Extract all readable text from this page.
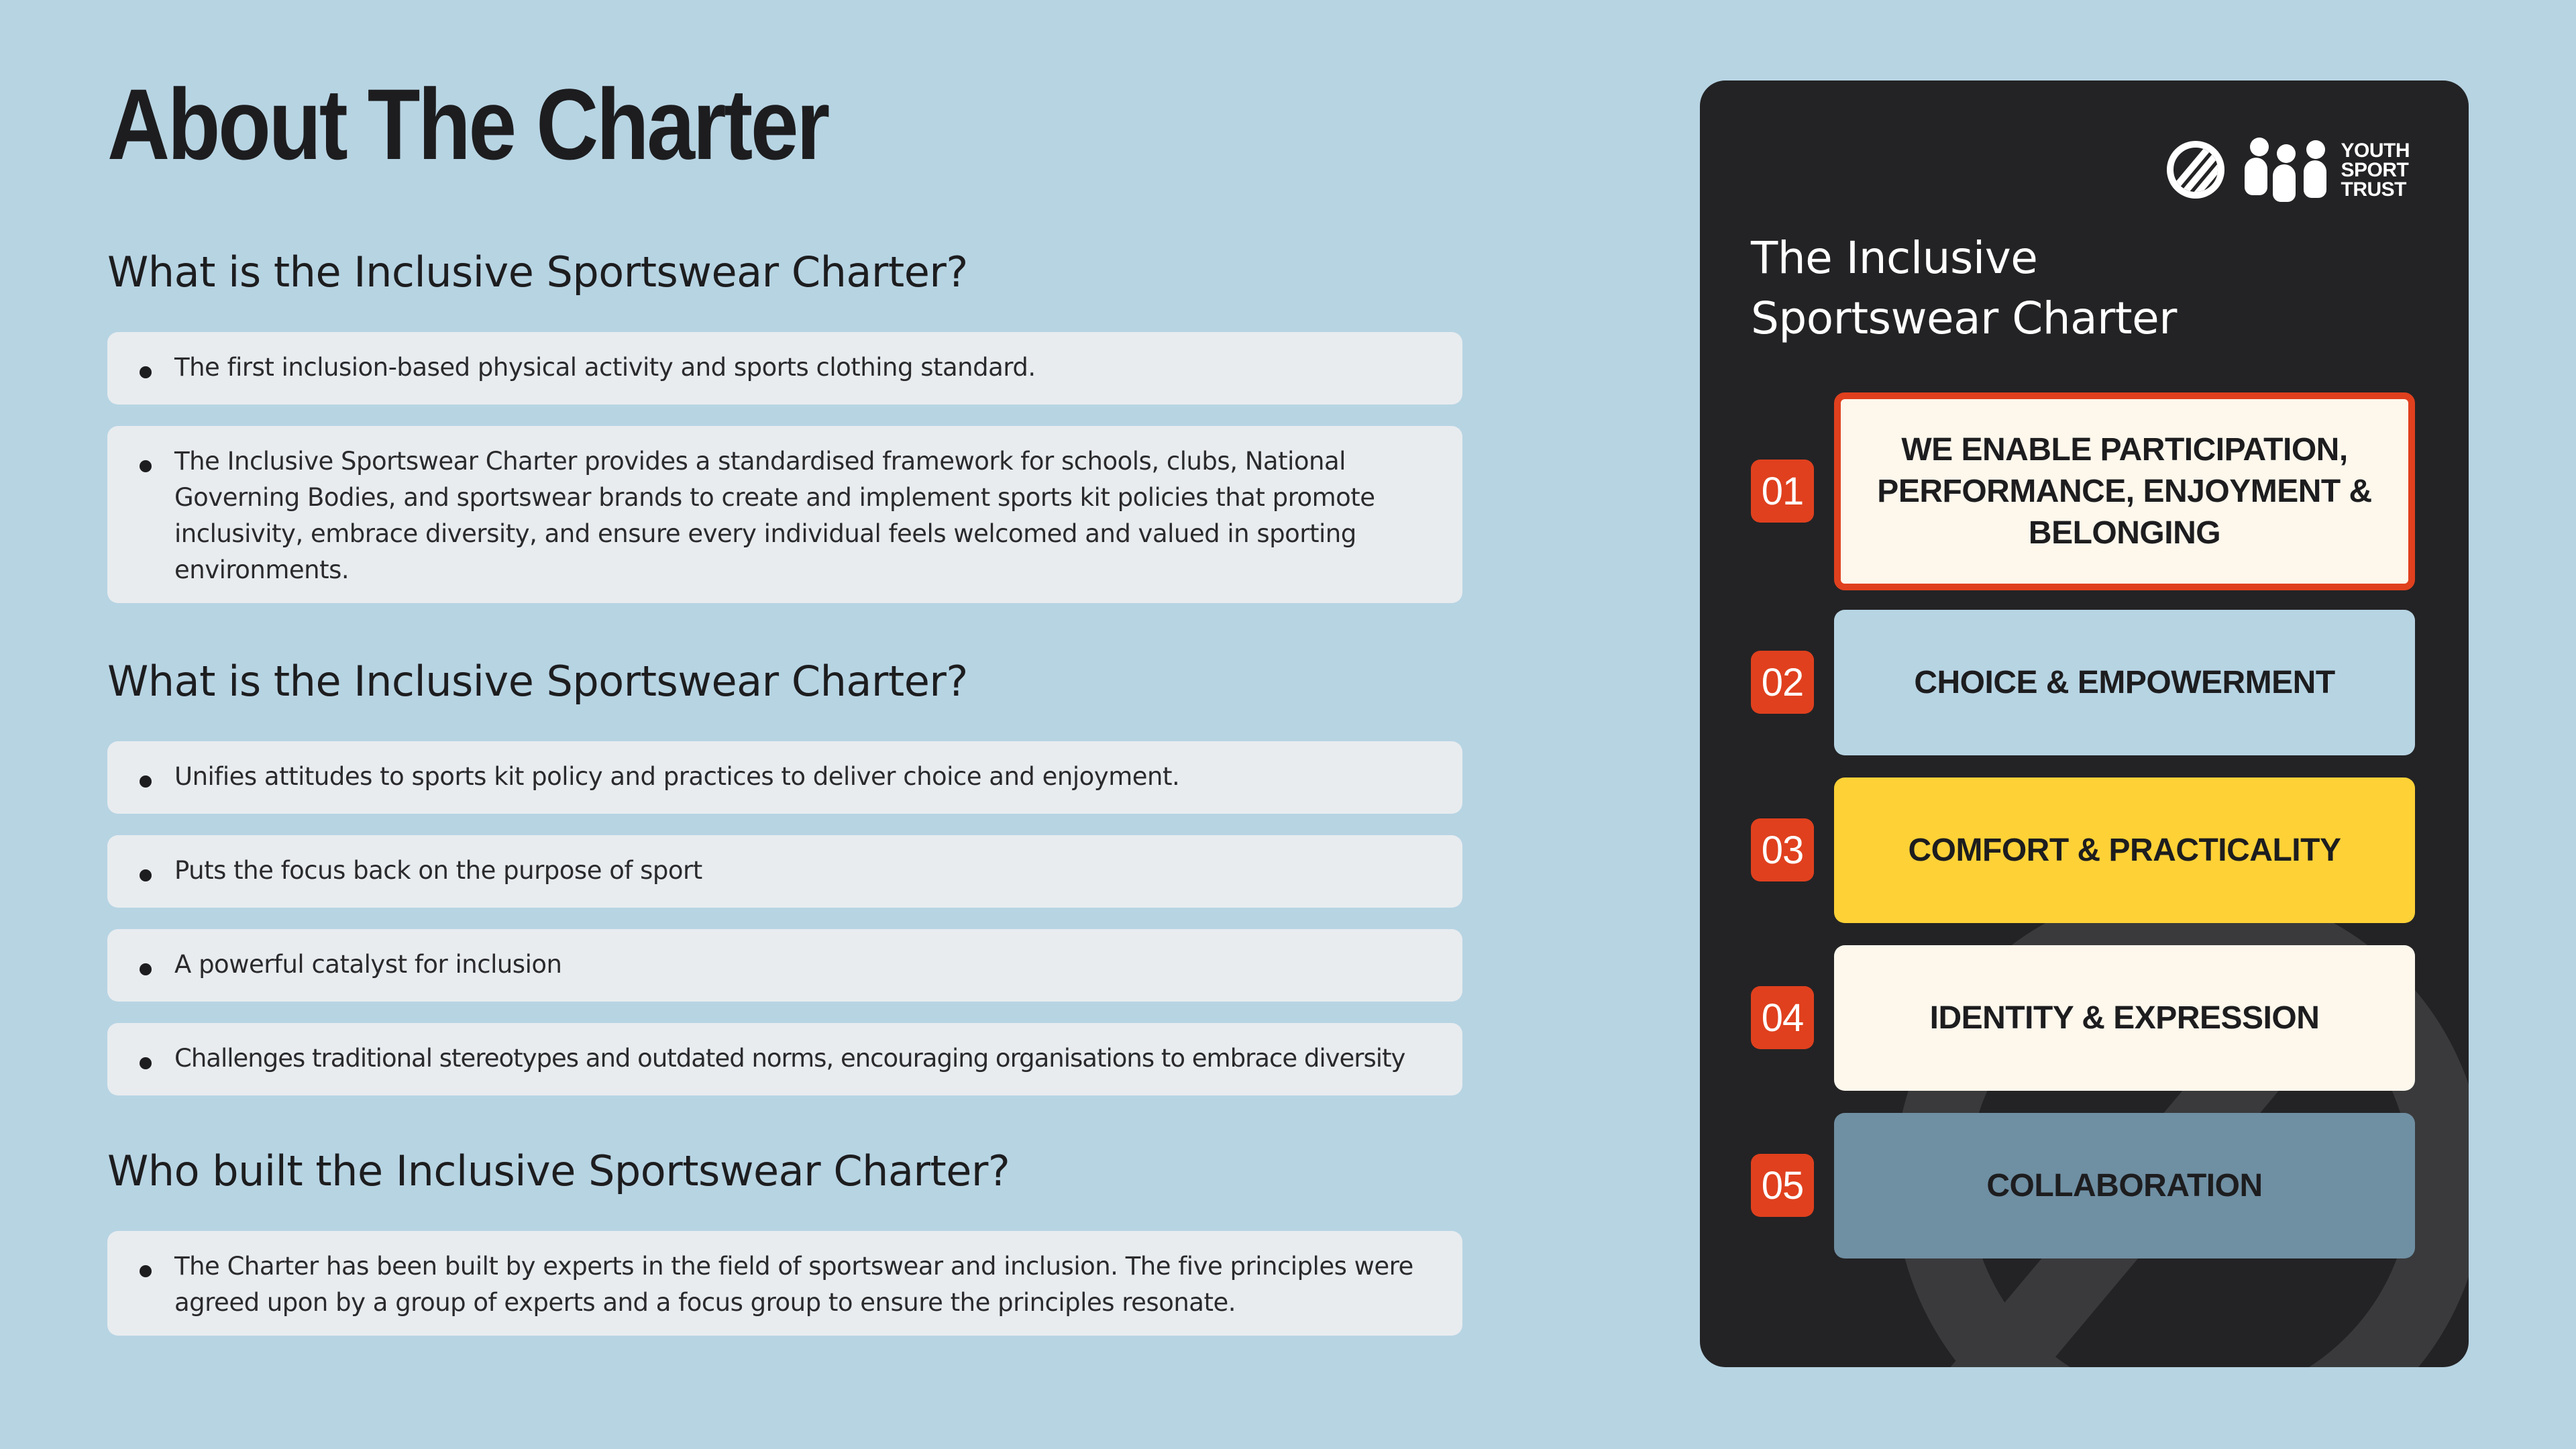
About The Charter
What is the Inclusive Sportswear Charter?
The first inclusion-based physical activity and sports clothing standard.
The Inclusive Sportswear Charter provides a standardised framework for schools, clubs, National Governing Bodies, and sportswear brands to create and implement sports kit policies that promote inclusivity, embrace diversity, and ensure every individual feels welcomed and valued in sporting environments.
What is the Inclusive Sportswear Charter?
Unifies attitudes to sports kit policy and practices to deliver choice and enjoyment.
Puts the focus back on the purpose of sport
A powerful catalyst for inclusion
Challenges traditional stereotypes and outdated norms, encouraging organisations to embrace diversity
Who built the Inclusive Sportswear Charter?
The Charter has been built by experts in the field of sportswear and inclusion. The five principles were agreed upon by a group of experts and a focus group to ensure the principles resonate.
YOUTH
SPORT
TRUST
The Inclusive
Sportswear Charter
01
WE ENABLE PARTICIPATION, PERFORMANCE, ENJOYMENT & BELONGING
02	CHOICE & EMPOWERMENT
03	COMFORT & PRACTICALITY
04	IDENTITY & EXPRESSION
05	COLLABORATION
